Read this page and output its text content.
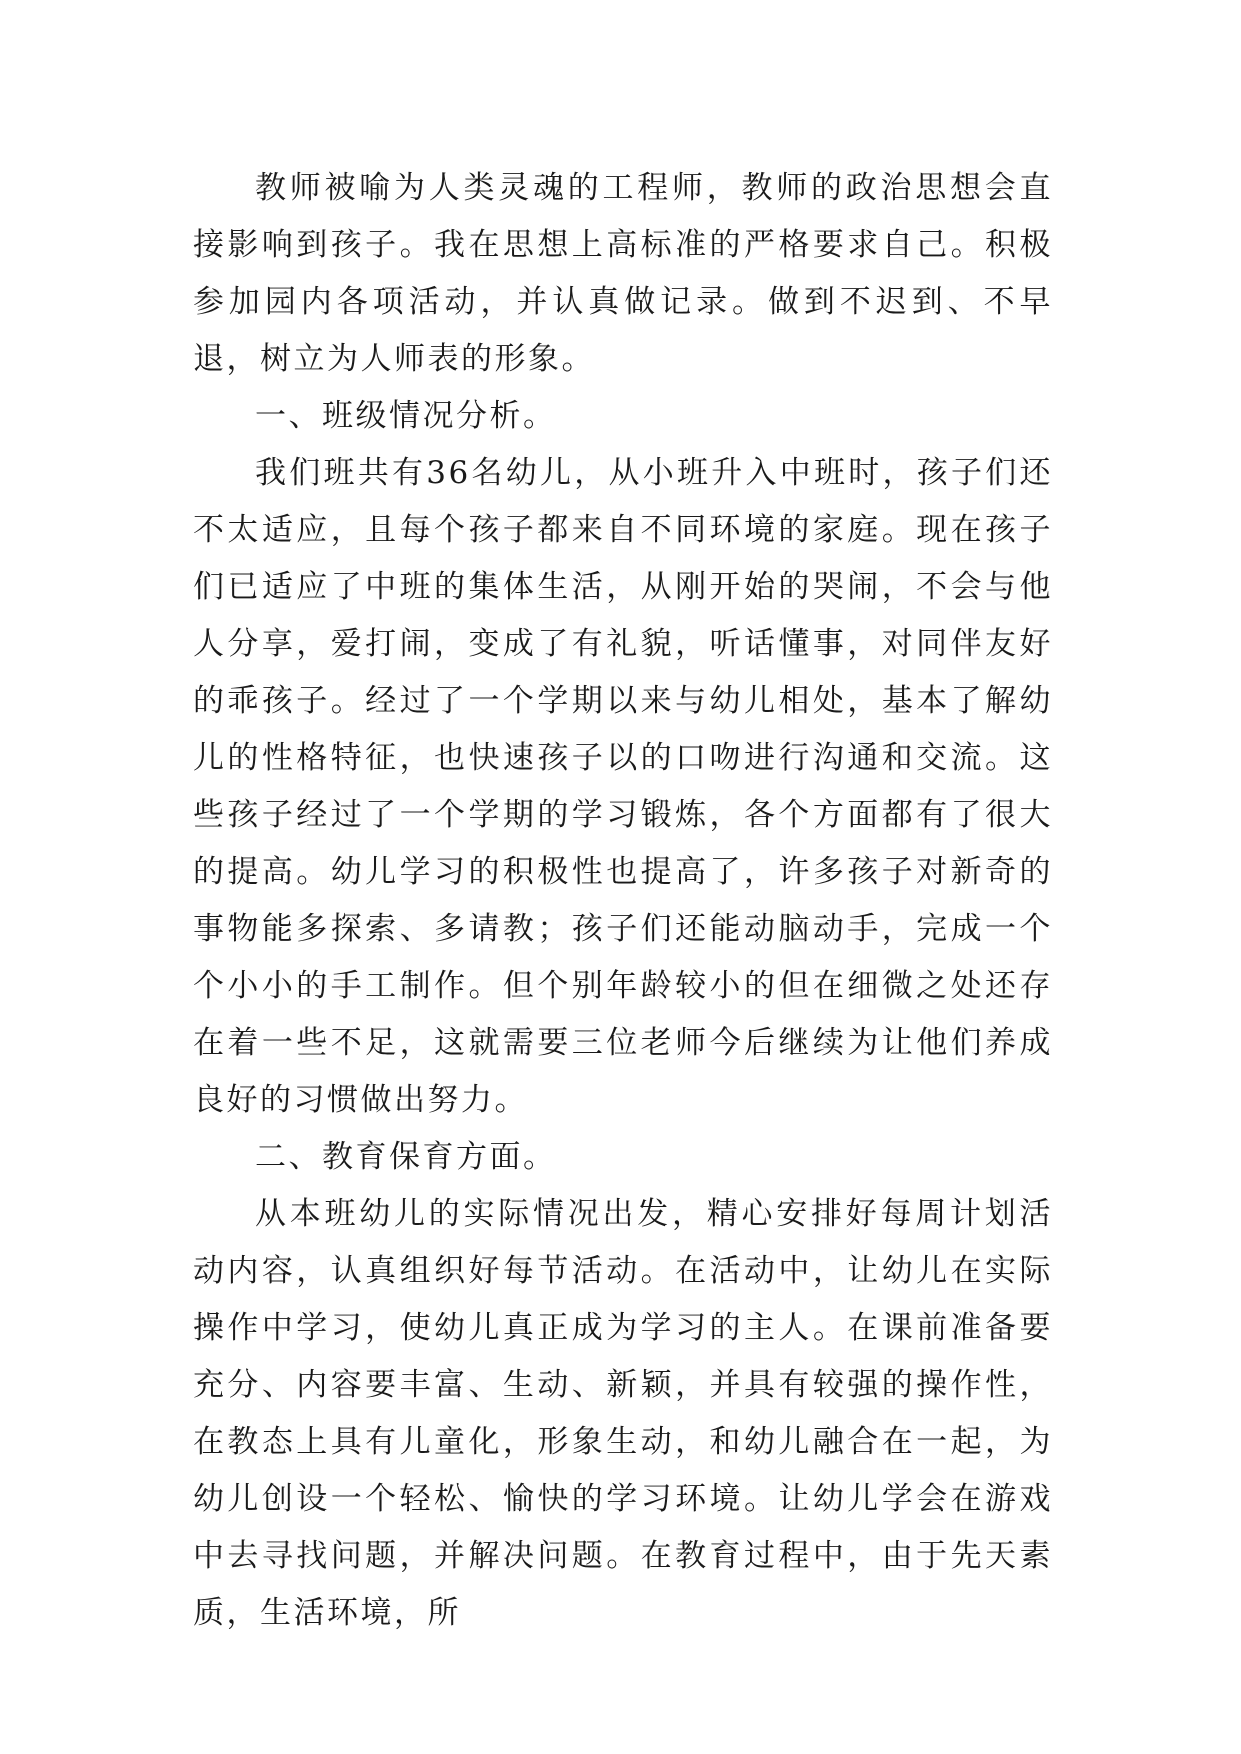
教师被喻为人类灵魂的工程师，教师的政治思想会直接影响到孩子。我在思想上高标准的严格要求自己。积极参加园内各项活动，并认真做记录。做到不迟到、不早退，树立为人师表的形象。

一、班级情况分析。

我们班共有36名幼儿，从小班升入中班时，孩子们还不太适应，且每个孩子都来自不同环境的家庭。现在孩子们已适应了中班的集体生活，从刚开始的哭闹，不会与他人分享，爱打闹，变成了有礼貌，听话懂事，对同伴友好的乖孩子。经过了一个学期以来与幼儿相处，基本了解幼儿的性格特征，也快速孩子以的口吻进行沟通和交流。这些孩子经过了一个学期的学习锻炼，各个方面都有了很大的提高。幼儿学习的积极性也提高了，许多孩子对新奇的事物能多探索、多请教；孩子们还能动脑动手，完成一个个小小的手工制作。但个别年龄较小的但在细微之处还存在着一些不足，这就需要三位老师今后继续为让他们养成良好的习惯做出努力。

二、教育保育方面。

从本班幼儿的实际情况出发，精心安排好每周计划活动内容，认真组织好每节活动。在活动中，让幼儿在实际操作中学习，使幼儿真正成为学习的主人。在课前准备要充分、内容要丰富、生动、新颖，并具有较强的操作性，在教态上具有儿童化，形象生动，和幼儿融合在一起，为幼儿创设一个轻松、愉快的学习环境。让幼儿学会在游戏中去寻找问题，并解决问题。在教育过程中，由于先天素质，生活环境，所
